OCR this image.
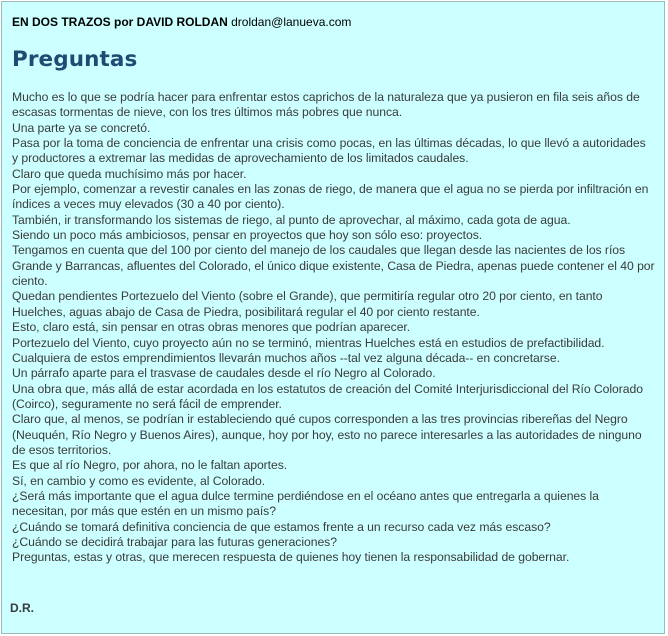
EN DOS TRAZOS por DAVID ROLDAN droldan@lanueva.com
Preguntas

Mucho es lo que se podría hacer para enfrentar estos caprichos de la naturaleza que ya pusieron en fila seis años de escasas tormentas de nieve, con los tres últimos más pobres que nunca.

Una parte ya se concretó.

Pasa por la toma de conciencia de enfrentar una crisis como pocas, en las últimas décadas, lo que llevó a autoridades y productores a extremar las medidas de aprovechamiento de los limitados caudales.

Claro que queda muchísimo más por hacer.

Por ejemplo, comenzar a revestir canales en las zonas de riego, de manera que el agua no se pierda por infiltración en índices a veces muy elevados (30 a 40 por ciento).

También, ir transformando los sistemas de riego, al punto de aprovechar, al máximo, cada gota de agua.

Siendo un poco más ambiciosos, pensar en proyectos que hoy son sólo eso: proyectos.

Tengamos en cuenta que del 100 por ciento del manejo de los caudales que llegan desde las nacientes de los ríos Grande y Barrancas, afluentes del Colorado, el único dique existente, Casa de Piedra, apenas puede contener el 40 por ciento.

Quedan pendientes Portezuelo del Viento (sobre el Grande), que permitiría regular otro 20 por ciento, en tanto Huelches, aguas abajo de Casa de Piedra, posibilitará regular el 40 por ciento restante.

Esto, claro está, sin pensar en otras obras menores que podrían aparecer.

Portezuelo del Viento, cuyo proyecto aún no se terminó, mientras Huelches está en estudios de prefactibilidad.

Cualquiera de estos emprendimientos llevarán muchos años --tal vez alguna década-- en concretarse.

Un párrafo aparte para el trasvase de caudales desde el río Negro al Colorado.

Una obra que, más allá de estar acordada en los estatutos de creación del Comité Interjurisdiccional del Río Colorado (Coirco), seguramente no será fácil de emprender.

Claro que, al menos, se podrían ir estableciendo qué cupos corresponden a las tres provincias ribereñas del Negro (Neuquén, Río Negro y Buenos Aires), aunque, hoy por hoy, esto no parece interesarles a las autoridades de ninguno de esos territorios.

Es que al río Negro, por ahora, no le faltan aportes.

Sí, en cambio y como es evidente, al Colorado.

¿Será más importante que el agua dulce termine perdiéndose en el océano antes que entregarla a quienes la necesitan, por más que estén en un mismo país?

¿Cuándo se tomará definitiva conciencia de que estamos frente a un recurso cada vez más escaso?

¿Cuándo se decidirá trabajar para las futuras generaciones?

Preguntas, estas y otras, que merecen respuesta de quienes hoy tienen la responsabilidad de gobernar.

D.R.
